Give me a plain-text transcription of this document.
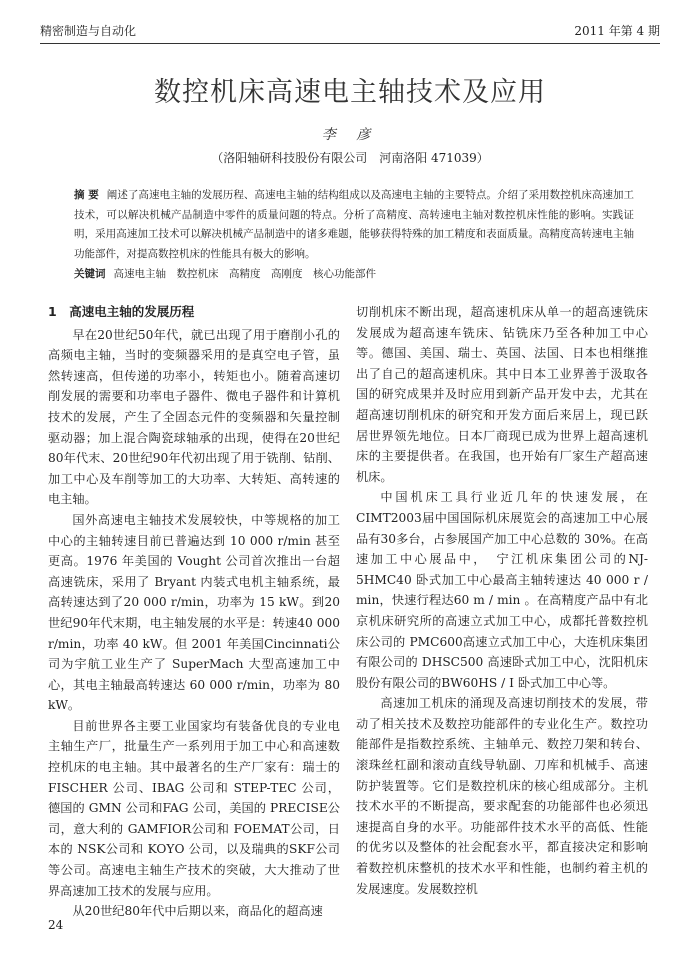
精密制造与自动化	2011 年第 4 期
数控机床高速电主轴技术及应用
李 彦
（洛阳轴研科技股份有限公司　河南洛阳 471039）
摘 要 阐述了高速电主轴的发展历程、高速电主轴的结构组成以及高速电主轴的主要特点。介绍了采用数控机床高速加工技术，可以解决机械产品制造中零件的质量问题的特点。分析了高精度、高转速电主轴对数控机床性能的影响。实践证明，采用高速加工技术可以解决机械产品制造中的诸多难题，能够获得特殊的加工精度和表面质量。高精度高转速电主轴功能部件，对提高数控机床的性能具有极大的影响。
关键词 高速电主轴　数控机床　高精度　高刚度　核心功能部件
1　高速电主轴的发展历程

早在20世纪50年代，就已出现了用于磨削小孔的高频电主轴，当时的变频器采用的是真空电子管，虽然转速高，但传递的功率小，转矩也小。随着高速切削发展的需要和功率电子器件、微电子器件和计算机技术的发展，产生了全固态元件的变频器和矢量控制驱动器；加上混合陶瓷球轴承的出现，使得在20世纪80年代末、20世纪90年代初出现了用于铣削、钻削、加工中心及车削等加工的大功率、大转矩、高转速的电主轴。

国外高速电主轴技术发展较快，中等规格的加工中心的主轴转速目前已普遍达到 10 000 r/min 甚至更高。1976 年美国的 Vought 公司首次推出一台超高速铣床，采用了 Bryant 内装式电机主轴系统，最高转速达到了20 000 r/min，功率为 15 kW。到20世纪90年代末期，电主轴发展的水平是：转速40 000 r/min，功率 40 kW。但 2001 年美国Cincinnati公司为宇航工业生产了 SuperMach 大型高速加工中心，其电主轴最高转速达 60 000 r/min，功率为 80 kW。

目前世界各主要工业国家均有装备优良的专业电主轴生产厂，批量生产一系列用于加工中心和高速数控机床的电主轴。其中最著名的生产厂家有：瑞士的 FISCHER 公司、IBAG 公司和 STEP-TEC 公司，德国的 GMN 公司和FAG 公司，美国的 PRECISE公司，意大利的 GAMFIOR公司和 FOEMAT公司，日本的 NSK公司和 KOYO 公司，以及瑞典的SKF公司等公司。高速电主轴生产技术的突破，大大推动了世界高速加工技术的发展与应用。

从20世纪80年代中后期以来，商品化的超高速

切削机床不断出现，超高速机床从单一的超高速铣床发展成为超高速车铣床、钻铣床乃至各种加工中心等。德国、美国、瑞士、英国、法国、日本也相继推出了自己的超高速机床。其中日本工业界善于汲取各国的研究成果并及时应用到新产品开发中去，尤其在超高速切削机床的研究和开发方面后来居上，现已跃居世界领先地位。日本厂商现已成为世界上超高速机床的主要提供者。在我国，也开始有厂家生产超高速机床。

中国机床工具行业近几年的快速发展，在CIMT2003届中国国际机床展览会的高速加工中心展品有30多台，占参展国产加工中心总数的 30%。在高速加工中心展品中，　宁江机床集团公司的NJ-5HMC40 卧式加工中心最高主轴转速达 40 000 r / min，快速行程达60 m / min 。在高精度产品中有北京机床研究所的高速立式加工中心，成都托普数控机床公司的 PMC600高速立式加工中心，大连机床集团有限公司的 DHSC500 高速卧式加工中心，沈阳机床股份有限公司的BW60HS / I 卧式加工中心等。

高速加工机床的涌现及高速切削技术的发展，带动了相关技术及数控功能部件的专业化生产。数控功能部件是指数控系统、主轴单元、数控刀架和转台、滚珠丝杠副和滚动直线导轨副、刀库和机械手、高速防护装置等。它们是数控机床的核心组成部分。主机技术水平的不断提高，要求配套的功能部件也必须迅速提高自身的水平。功能部件技术水平的高低、性能的优劣以及整体的社会配套水平，都直接决定和影响着数控机床整机的技术水平和性能，也制约着主机的发展速度。发展数控机

24
